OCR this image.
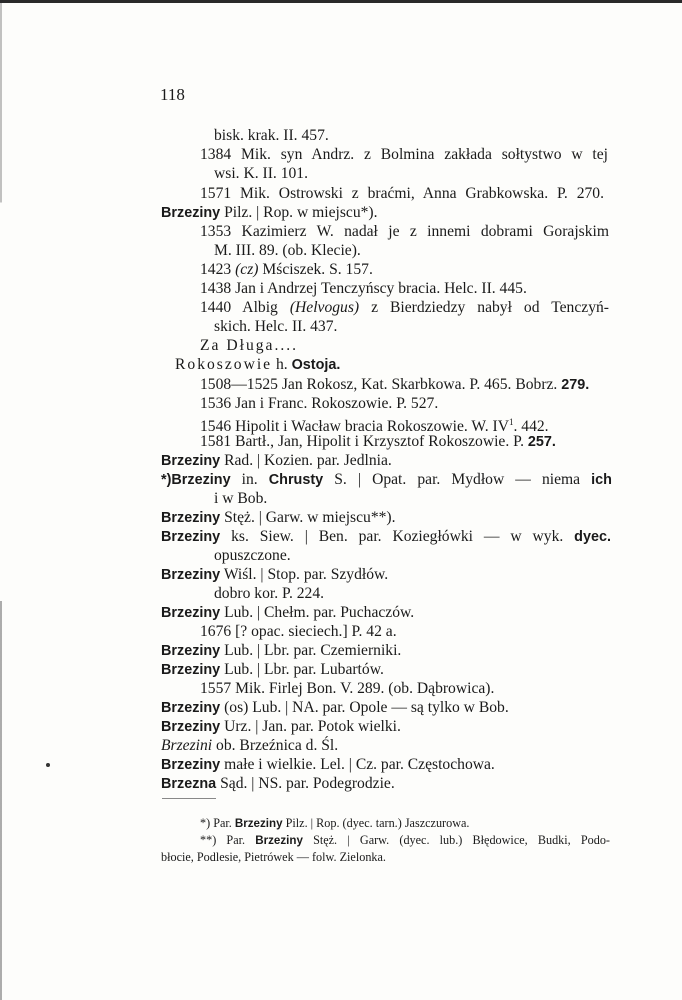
118
bisk. krak. II. 457.
1384 Mik. syn Andrz. z Bolmina zakłada sołtystwo w tej
wsi. K. II. 101.
1571 Mik. Ostrowski z braćmi, Anna Grabkowska. P. 270.
Brzeziny Pilz. | Rop. w miejscu*).
1353 Kazimierz W. nadał je z innemi dobrami Gorajskim
M. III. 89. (ob. Klecie).
1423 (cz) Mściszek. S. 157.
1438 Jan i Andrzej Tenczyńscy bracia. Helc. II. 445.
1440 Albig (Helvogus) z Bierdziedzy nabył od Tenczyń-
skich. Helc. II. 437.
Za Długa....
Rokoszowie h. Ostoja.
1508—1525 Jan Rokosz, Kat. Skarbkowa. P. 465. Bobrz. 279.
1536 Jan i Franc. Rokoszowie. P. 527.
1546 Hipolit i Wacław bracia Rokoszowie. W. $IV^1$. 442.
1581 Bartł., Jan, Hipolit i Krzysztof Rokoszowie. P. 257.
Brzeziny Rad. | Kozien. par. Jedlnia.
*)Brzeziny in. Chrusty S. | Opat. par. Mydłow — niema ich
i w Bob.
Brzeziny Stęż. | Garw. w miejscu**).
Brzeziny ks. Siew. | Ben. par. Koziegłówki — w wyk. dyec.
opuszczone.
Brzeziny Wiśl. | Stop. par. Szydłów.
dobro kor. P. 224.
Brzeziny Lub. | Chełm. par. Puchaczów.
1676 [? opac. sieciech.] P. 42 a.
Brzeziny Lub. | Lbr. par. Czemierniki.
Brzeziny Lub. | Lbr. par. Lubartów.
1557 Mik. Firlej Bon. V. 289. (ob. Dąbrowica).
Brzeziny (os) Lub. | NA. par. Opole — są tylko w Bob.
Brzeziny Urz. | Jan. par. Potok wielki.
Brzezini ob. Brzeźnica d. Śl.
Brzeziny małe i wielkie. Lel. | Cz. par. Częstochowa.
Brzezna Sąd. | NS. par. Podegrodzie.
*) Par. Brzeziny Pilz. | Rop. (dyec. tarn.) Jaszczurowa.
**) Par. Brzeziny Stęż. | Garw. (dyec. lub.) Błędowice, Budki, Podo-
błocie, Podlesie, Pietrówek — folw. Zielonka.
